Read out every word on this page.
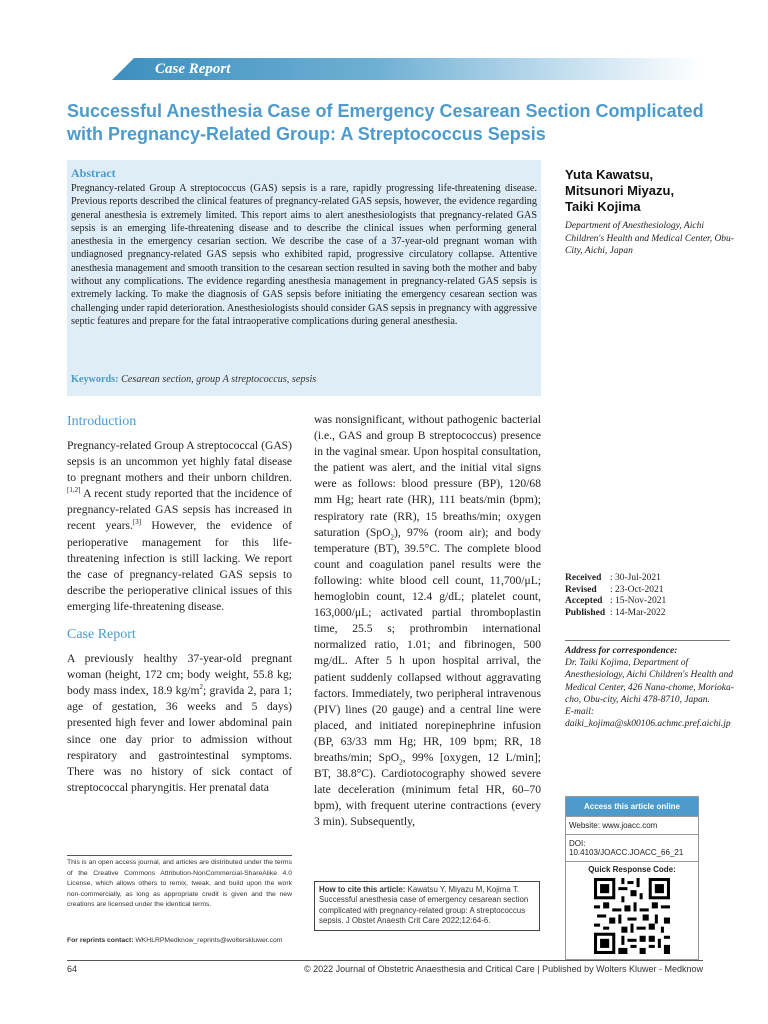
Case Report
Successful Anesthesia Case of Emergency Cesarean Section Complicated with Pregnancy-Related Group: A Streptococcus Sepsis
Abstract
Pregnancy-related Group A streptococcus (GAS) sepsis is a rare, rapidly progressing life-threatening disease. Previous reports described the clinical features of pregnancy-related GAS sepsis, however, the evidence regarding general anesthesia is extremely limited. This report aims to alert anesthesiologists that pregnancy-related GAS sepsis is an emerging life-threatening disease and to describe the clinical issues when performing general anesthesia in the emergency cesarian section. We describe the case of a 37-year-old pregnant woman with undiagnosed pregnancy-related GAS sepsis who exhibited rapid, progressive circulatory collapse. Attentive anesthesia management and smooth transition to the cesarean section resulted in saving both the mother and baby without any complications. The evidence regarding anesthesia management in pregnancy-related GAS sepsis is extremely lacking. To make the diagnosis of GAS sepsis before initiating the emergency cesarean section was challenging under rapid deterioration. Anesthesiologists should consider GAS sepsis in pregnancy with aggressive septic features and prepare for the fatal intraoperative complications during general anesthesia.
Keywords: Cesarean section, group A streptococcus, sepsis
Yuta Kawatsu,
Mitsunori Miyazu,
Taiki Kojima
Department of Anesthesiology, Aichi Children's Health and Medical Center, Obu-City, Aichi, Japan
Introduction

Pregnancy-related Group A streptococcal (GAS) sepsis is an uncommon yet highly fatal disease to pregnant mothers and their unborn children.[1,2] A recent study reported that the incidence of pregnancy-related GAS sepsis has increased in recent years.[3] However, the evidence of perioperative management for this life-threatening infection is still lacking. We report the case of pregnancy-related GAS sepsis to describe the perioperative clinical issues of this emerging life-threatening disease.

Case Report

A previously healthy 37-year-old pregnant woman (height, 172 cm; body weight, 55.8 kg; body mass index, 18.9 $kg/m^2$; gravida 2, para 1; age of gestation, 36 weeks and 5 days) presented high fever and lower abdominal pain since one day prior to admission without respiratory and gastrointestinal symptoms. There was no history of sick contact of streptococcal pharyngitis. Her prenatal data

was nonsignificant, without pathogenic bacterial (i.e., GAS and group B streptococcus) presence in the vaginal smear. Upon hospital consultation, the patient was alert, and the initial vital signs were as follows: blood pressure (BP), 120/68 mm Hg; heart rate (HR), 111 beats/min (bpm); respiratory rate (RR), 15 breaths/min; oxygen saturation (SpO$_2$), 97% (room air); and body temperature (BT), 39.5°C. The complete blood count and coagulation panel results were the following: white blood cell count, 11,700/μL; hemoglobin count, 12.4 g/dL; platelet count, 163,000/μL; activated partial thromboplastin time, 25.5 s; prothrombin international normalized ratio, 1.01; and fibrinogen, 500 mg/dL. After 5 h upon hospital arrival, the patient suddenly collapsed without aggravating factors. Immediately, two peripheral intravenous (PIV) lines (20 gauge) and a central line were placed, and initiated norepinephrine infusion (BP, 63/33 mm Hg; HR, 109 bpm; RR, 18 breaths/min; SpO$_2$, 99% [oxygen, 12 L/min]; BT, 38.8°C). Cardiotocography showed severe late deceleration (minimum fetal HR, 60–70 bpm), with frequent uterine contractions (every 3 min). Subsequently,

Received : 30-Jul-2021
Revised	: 23-Oct-2021
Accepted : 15-Nov-2021
Published : 14-Mar-2022
Address for correspondence:
Dr. Taiki Kojima, Department of Anesthesiology, Aichi Children's Health and Medical Center, 426 Nana-chome, Morioka-cho, Obu-city, Aichi 478-8710, Japan.
E-mail: daiki_kojima@sk00106.achmc.pref.aichi.jp
Access this article online
Website: www.joacc.com
DOI: 10.4103/JOACC.JOACC_66_21
Quick Response Code:
This is an open access journal, and articles are distributed under the terms of the Creative Commons Attribution-NonCommercial-ShareAlike 4.0 License, which allows others to remix, tweak, and build upon the work non-commercially, as long as appropriate credit is given and the new creations are licensed under the identical terms.
For reprints contact: WKHLRPMedknow_reprints@wolterskluwer.com
How to cite this article: Kawatsu Y, Miyazu M, Kojima T. Successful anesthesia case of emergency cesarean section complicated with pregnancy-related group: A streptococcus sepsis. J Obstet Anaesth Crit Care 2022;12:64-6.
64	© 2022 Journal of Obstetric Anaesthesia and Critical Care | Published by Wolters Kluwer - Medknow
